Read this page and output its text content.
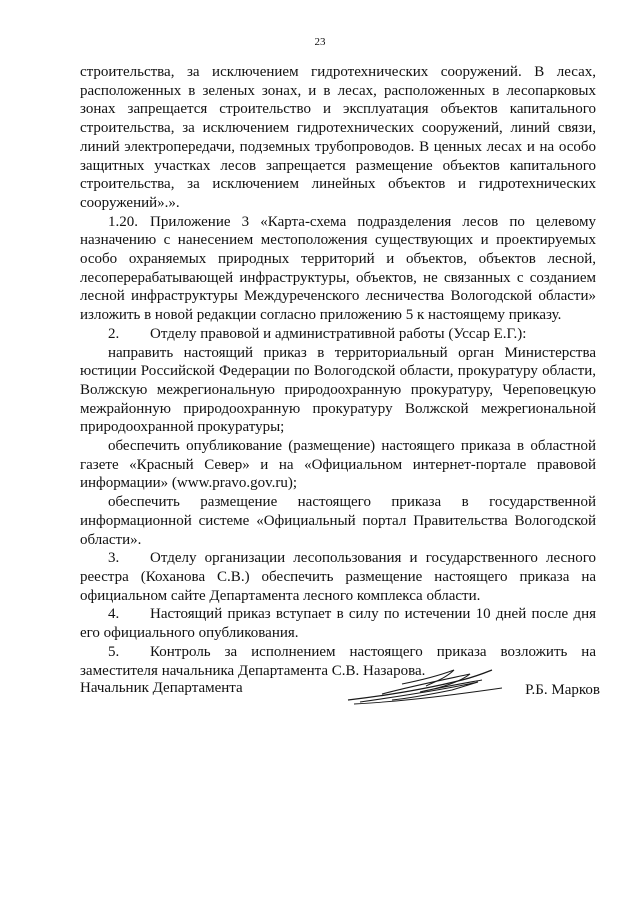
23

строительства, за исключением гидротехнических сооружений. В лесах, расположенных в зеленых зонах, и в лесах, расположенных в лесопарковых зонах запрещается строительство и эксплуатация объектов капитального строительства, за исключением гидротехнических сооружений, линий связи, линий электропередачи, подземных трубопроводов. В ценных лесах и на особо защитных участках лесов запрещается размещение объектов капитального строительства, за исключением линейных объектов и гидротехнических сооружений».».

1.20. Приложение 3 «Карта-схема подразделения лесов по целевому назначению с нанесением местоположения существующих и проектируемых особо охраняемых природных территорий и объектов, объектов лесной, лесоперерабатывающей инфраструктуры, объектов, не связанных с созданием лесной инфраструктуры Междуреченского лесничества Вологодской области» изложить в новой редакции согласно приложению 5 к настоящему приказу.

2. Отделу правовой и административной работы (Уссар Е.Г.):

направить настоящий приказ в территориальный орган Министерства юстиции Российской Федерации по Вологодской области, прокуратуру области, Волжскую межрегиональную природоохранную прокуратуру, Череповецкую межрайонную природоохранную прокуратуру Волжской межрегиональной природоохранной прокуратуры;

обеспечить опубликование (размещение) настоящего приказа в областной газете «Красный Север» и на «Официальном интернет-портале правовой информации» (www.pravo.gov.ru);

обеспечить размещение настоящего приказа в государственной информационной системе «Официальный портал Правительства Вологодской области».

3. Отделу организации лесопользования и государственного лесного реестра (Коханова С.В.) обеспечить размещение настоящего приказа на официальном сайте Департамента лесного комплекса области.

4. Настоящий приказ вступает в силу по истечении 10 дней после дня его официального опубликования.

5. Контроль за исполнением настоящего приказа возложить на заместителя начальника Департамента С.В. Назарова.

Начальник Департамента	Р.Б. Марков
